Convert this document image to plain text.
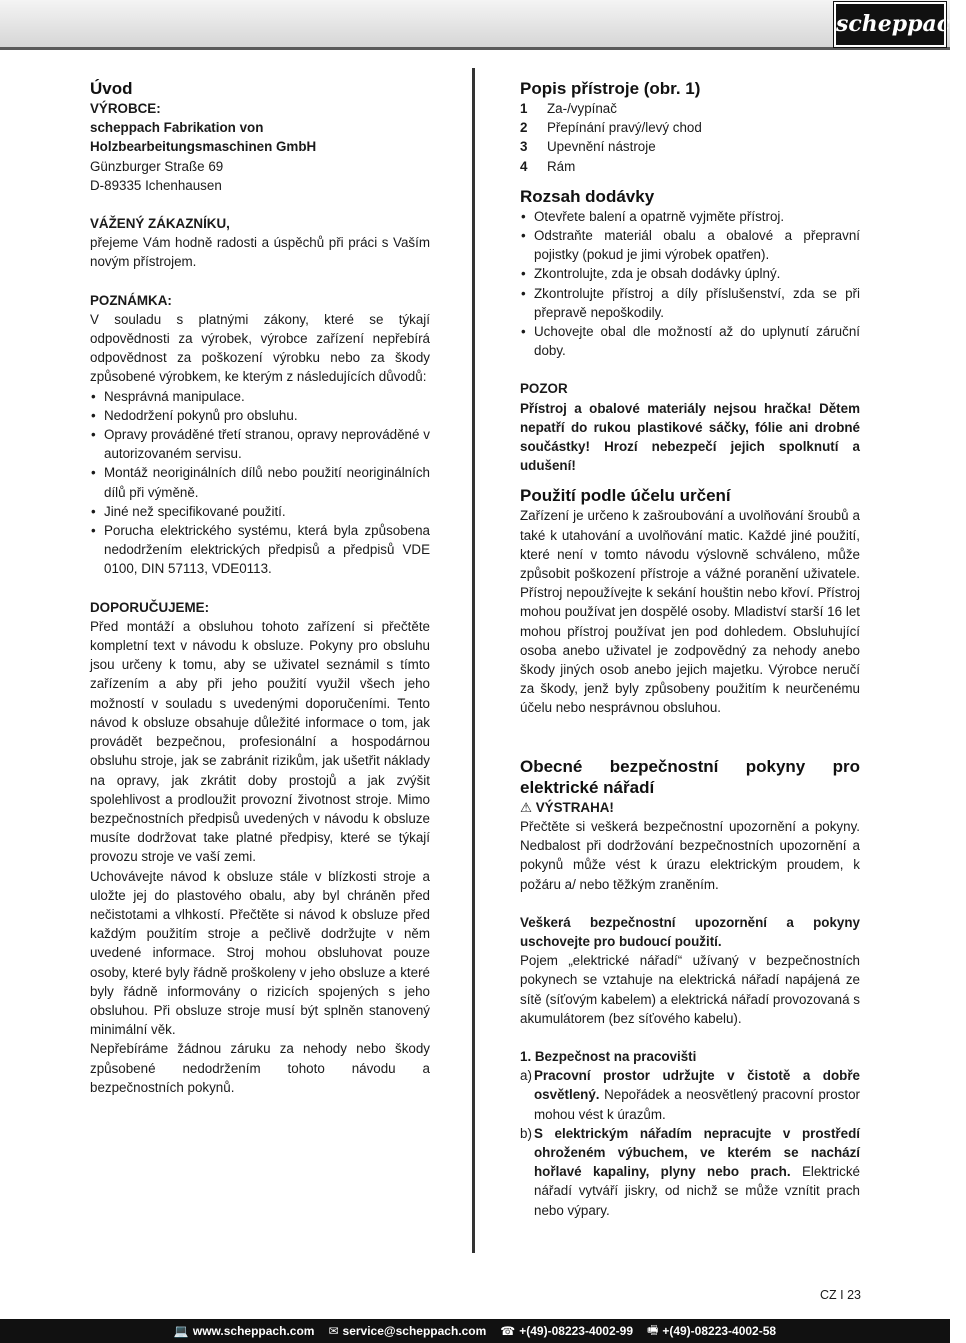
scheppach
Úvod
VÝROBCE:
scheppach Fabrikation von
Holzbearbeitungsmaschinen GmbH
Günzburger Straße 69
D-89335 Ichenhausen
VÁŽENÝ ZÁKAZNÍKU,
přejeme Vám hodně radosti a úspěchů při práci s Vaším novým přístrojem.
POZNÁMKA:
V souladu s platnými zákony, které se týkají odpovědnosti za výrobek, výrobce zařízení nepřebírá odpovědnost za poškození výrobku nebo za škody způsobené výrobkem, ke kterým z následujících důvodů:
• Nesprávná manipulace.
• Nedodržení pokynů pro obsluhu.
• Opravy prováděné třetí stranou, opravy neprováděné v autorizovaném servisu.
• Montáž neoriginálních dílů nebo použití neoriginálních dílů při výměně.
• Jiné než specifikované použití.
• Porucha elektrického systému, která byla způsobena nedodržením elektrických předpisů a předpisů VDE 0100, DIN 57113, VDE0113.
DOPORUČUJEME:
Před montáží a obsluhou tohoto zařízení si přečtěte kompletní text v návodu k obsluze. Pokyny pro obsluhu jsou určeny k tomu, aby se uživatel seznámil s tímto zařízením a aby při jeho použití využil všech jeho možností v souladu s uvedenými doporučeními. Tento návod k obsluze obsahuje důležité informace o tom, jak provádět bezpečnou, profesionální a hospodárnou obsluhu stroje, jak se zabránit rizikům, jak ušetřit náklady na opravy, jak zkrátit doby prostojů a jak zvýšit spolehlivost a prodloužit provozní životnost stroje. Mimo bezpečnostních předpisů uvedených v návodu k obsluze musíte dodržovat take platné předpisy, které se týkají provozu stroje ve vaší zemi.
Uchovávejte návod k obsluze stále v blízkosti stroje a uložte jej do plastového obalu, aby byl chráněn před nečistotami a vlhkostí. Přečtěte si návod k obsluze před každým použitím stroje a pečlivě dodržujte v něm uvedené informace. Stroj mohou obsluhovat pouze osoby, které byly řádně proškoleny v jeho obsluze a které byly řádně informovány o rizicích spojených s jeho obsluhou. Při obsluze stroje musí být splněn stanovený minimální věk.
Nepřebíráme žádnou záruku za nehody nebo škody způsobené nedodržením tohoto návodu a bezpečnostních pokynů.
Popis přístroje (obr. 1)
1	Za-/vypínač
2	Přepínání pravý/levý chod
3	Upevnění nástroje
4	Rám
Rozsah dodávky
• Otevřete balení a opatrně vyjměte přístroj.
• Odstraňte materiál obalu a obalové a přepravní pojistky (pokud je jimi výrobek opatřen).
• Zkontrolujte, zda je obsah dodávky úplný.
• Zkontrolujte přístroj a díly příslušenství, zda se při přepravě nepoškodily.
• Uchovejte obal dle možností až do uplynutí záruční doby.
POZOR
Přístroj a obalové materiály nejsou hračka! Dětem nepatří do rukou plastikové sáčky, fólie ani drobné součástky! Hrozí nebezpečí jejich spolknutí a udušení!
Použití podle účelu určení
Zařízení je určeno k zašroubování a uvolňování šroubů a také k utahování a uvolňování matic. Každé jiné použití, které není v tomto návodu výslovně schváleno, může způsobit poškození přístroje a vážné poranění uživatele. Přístroj nepoužívejte k sekání houštin nebo křoví. Přístroj mohou používat jen dospělé osoby. Mladiství starší 16 let mohou přístroj používat jen pod dohledem. Obsluhující osoba anebo uživatel je zodpovědný za nehody anebo škody jiných osob anebo jejich majetku. Výrobce neručí za škody, jenž byly způsobeny použitím k neurčenému účelu nebo nesprávnou obsluhou.
Obecné bezpečnostní pokyny pro elektrické nářadí
⚠ VÝSTRAHA!
Přečtěte si veškerá bezpečnostní upozornění a pokyny. Nedbalost při dodržování bezpečnostních upozornění a pokynů může vést k úrazu elektrickým proudem, k požáru a/ nebo těžkým zraněním.
Veškerá bezpečnostní upozornění a pokyny uschovejte pro budoucí použití.
Pojem „elektrické nářadí“ užívaný v bezpečnostních pokynech se vztahuje na elektrická nářadí napájená ze sítě (síťovým kabelem) a elektrická nářadí provozovaná s akumulátorem (bez síťového kabelu).
1. Bezpečnost na pracovišti
a) Pracovní prostor udržujte v čistotě a dobře osvětlený. Nepořádek a neosvětlený pracovní prostor mohou vést k úrazům.
b) S elektrickým nářadím nepracujte v prostředí ohroženém výbuchem, ve kterém se nachází hořlavé kapaliny, plyny nebo prach. Elektrické nářadí vytváří jiskry, od nichž se může vznítit prach nebo výpary.
CZ I 23
💻 www.scheppach.com ✉ service@scheppach.com ☎ +(49)-08223-4002-99 🖷 +(49)-08223-4002-58
